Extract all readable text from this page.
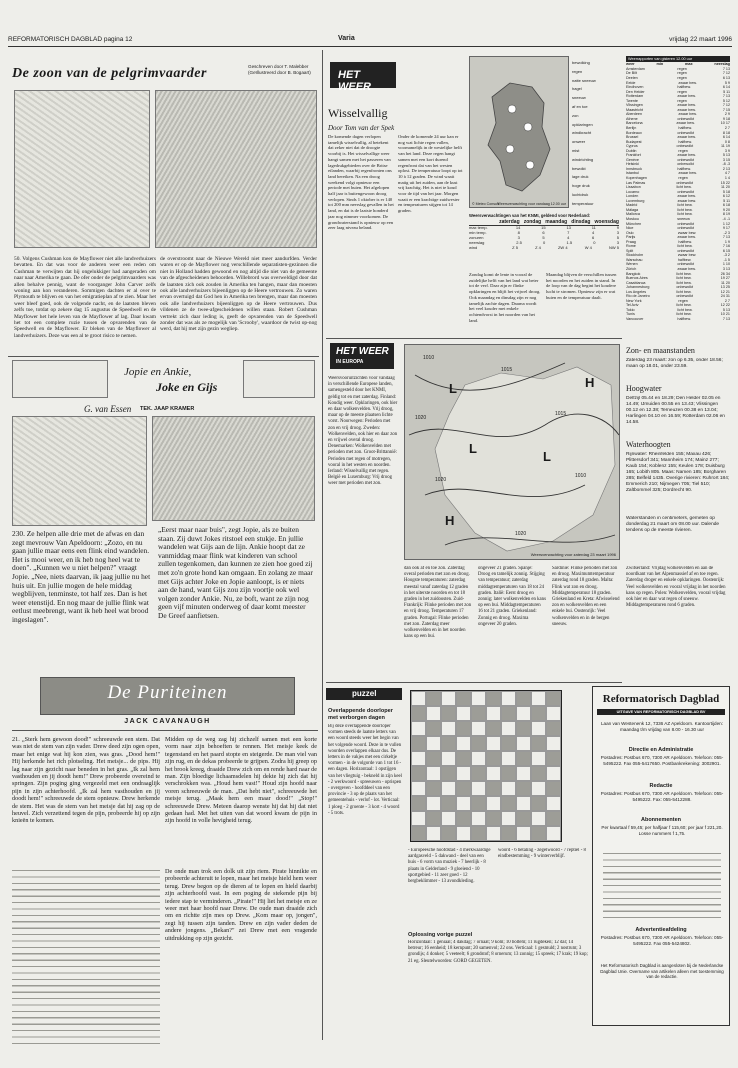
REFORMATORISCH DAGBLAD pagina 12	Varia	vrijdag 22 maart 1996
De zoon van de pelgrimvaarder	Geschreven door T. Malebber (Geïllustreerd door B. Bogaart)
50. Volgens Cushman kon de Mayflower niet alle landverhuizers bevatten. En dat was voor de anderen weer een reden om Cushman te verwijten dat hij ongelukkiger had aangeraden om naar naar Amerika te gaan. De ofer onder de pelgrimvaarders was allen behalve pennig, want de voorganger John Carver zelfs woning aan kon veranderen. Sommigen dachten er al over te Plymouth te blijven en van het emigratieplan af te zien. Maar het weer bleef goed, ook de volgende nacht, en de laatsten bleven zelfs toe, totdat op zekere dag 15 augustus de Speedwell en de Mayflower het hele leven van de Mayflower af lag. Daar kwam het tot een complete ruzie tussen de opvarenden van de Speedwell en de Mayflower. Er bleken van de Mayflower al landverhuizers. Deze was een al te groot risico te nemen.
de overstroomt naar de Nieuwe Wereld niet meer aandurfden. Verder waren er op de Mayflower nog verschillende separatisten-gezinnen die niet in Holland hadden gewoond en nog altijd die niet van de gemeente van de afgescheidenen behoorden. Willebrord was overweldigd door dat de laatsten zich ook zouden in Amerika ten hangen, maar dan moesten ook alle landverhuizers bijeenliggen op de Heere vertrouwen. Zo waren ervan overtuigd dat God hen in Amerika ten brengen, maar dan moesten ook alle landverhuizers bijeenliggen op de Heere vertrouwen. Dus vildenen ze de twee-afgescheidenen willen staan. Robert Cushman vertrekt zich daar leding is, geeft de opvarenden van de Speedwell zonder dat was als ze mogelijk van 'Scrooby', waardoor de twist op-nog werd, dat hij met zijn gezin wegliep.
Jopie en Ankie,
Joke en Gijs
G. van Essen TEK. JAAP KRAMER
230. Ze helpen alle drie met de afwas en dan zegt mevrouw Van Apeldoorn: „Zozo, en nu gaan jullie maar eens een flink eind wandelen. Het is mooi weer, en ik heb nog heel wat te doen". „Kunnen we u niet helpen?" vraagt Jopie. „Nee, niets daarvan, ik jaag jullie nu het huis uit. En jullie mogen de hele middag wegblijven, tenminste, tot half zes. Dan is het weer etenstijd. En nog maar de jullie flink wat eetlust meebrengt, want ik heb heel wat brood ingeslagen".
„Eerst maar naar buis", zegt Jopie, als ze buiten staan. Zij duwt Jokes ritstoel een stukje. En jullie wandelen wat Gijs aan de lijn. Ankie hoopt dat ze vanmiddag maar flink wat kinderen van school zullen tegenkomen, dan kunnen ze zien hoe goed zij met zo'n grote hond kan omgaan. En zolang ze maar met Gijs achter Joke en Jopie aanloopt, is er niets aan de hand, want Gijs zou zijn voortje ook wel volgen zonder Ankie. Nu, ze boft, want ze zijn nog geen vijf minuten onderweg of daar komt meester De Greef aanfietsen.
De Puriteinen
JACK CAVANAUGH
21. „Sterk hem gewoon dood!" schreeuwde een stem. Dat was niet de stem van zijn vader. Drew deed zijn ogen open, maar het enige wat hij kon zien, was gras. „Dood hem!" Hij herkende het rich plotseling. Het meisje... de pips. Hij lag naar zijn gezicht naar beneden in het gras. „Ik zal hem vasthouden en jij doodt hem!" Drew probeerde overeind te springen. Zijn poging ging vergezeld met een ondraaglijk pijn in zijn achterhoofd. „Ik zal hem vasthouden en jij doodt hem!" schreeuwde de stem opnieuw. Drew herkende de stem. Het was de stem van het meisje dat hij zag op de heuvel. Zich verzettend tegen de pijn, probeerde hij op zijn knieën te komen.
Midden op de weg zag hij zichzelf samen met een korte vorm naar zijn behoeften te rennen. Het meisje keek de tegenstand en het paard stopte en steigerde. De man viel van zijn rug, en de dekas probeerde te grijpen. Zodra hij greep op het brook kreeg, draaide Drew zich om en rende hard naar de man. Zijn bloedige lichaamsdelen hij dekte hij zich dat hij verschrokken was. „Houd hem vast!" Houd zijn hoofd naar voren schreeuwde de man. „Dat hebt niet", schreeuwde het meisje terug. „Maak hem een maar dood!" „Stop!" schreeuwde Drew. Meteen daarop wenste hij dat hij dat niet gedaan had. Met het uiten van dat woord kwam de pijn in zijn hoofd in volle hevigheid terug.
De onde man trok een dolk uit zijn riem. Pirate hinnikte en probeerde achteruit te lopen, maar het meisje hield hem weer terug. Drew begon op de dieren af te lopen en hield daarbij zijn achterhoofd vast. In een poging de stekende pijn bij iedere stap te verminderen. „Pirate!" Hij liet het meisje en ze weer met haar hoofd naar Drew. De oude man draaide zich om en richtte zijn mes op Drew. „Kom maar op, jongen", zegt hij tussen zijn tanden. Drew en zijn vader deden de andere jongens. „Bekan?" zei Drew met een vragende uitdrukking op zijn gezicht.
HET WEER
Wisselvallig
Door Tom van der Spek
De komende dagen verlopen tamelijk wisselvallig, al betekent dat zeker niet dat de droogte voorbij is. Het wisselvallige weer hangt samen met het passeren van lagedrukgebieden over de Britse eilanden, waarbij regenfronten ons land bereiken. Na een droog weekend volgt opnieuw een periode met buien. Het afgelopen half jaar is buitengewoon droog verlopen. Sinds 1 oktober is er 140 tot 200 mm neerslag gevallen in het land, en dat is de laatste honderd jaar nog nimmer voorkomen. De grondwaterstand is opnieuw op een zeer laag niveau beland.
Onder de komende 24 uur kan er nog wat lichte regen vallen, voornamelijk in de westelijke helft van het land. Deze regen hangt samen met een kort durend regenfront dat van het westen oplost. De temperatuur loopt op tot 10 à 12 graden. De wind waait matig uit het zuiden, aan de kust vrij krachtig. Het is niet te koud voor de tijd van het jaar. Morgen waait er een krachtige zuidwester en temperaturen stijgen tot 14 graden.
© Meteo Consult
Weersverwachting voor vandaag 12.00 uur
bewolking
regen
natte sneeuw
hagel
sneeuw
af en toe
zon
opklaringen
windkracht
onweer
mist
windrichting
bewolkt
lage druk
hoge druk
luchtdruk
temperatuur
Weersverwachtingen van het KNMI, geldend voor Nederland:
zaterdag zondag maandag dinsdag woensdag
max temp.	14	15	13	11	9
min temp.	8	6	7	4	3
zonuren	3	5	4	6	5
neerslag	2.5	0	1.5	0	3
wind	Z 5	Z 4	ZW 4	W 4	NW 5
Zondag komt de lente in vooral de zuidelijke helft van het land wat beter tot de verf. Daar zijn er flinke opklaringen en blijft het vrijwel droog. Ook maandag en dinsdag zijn er nog tamelijk zachte dagen. Daarna wordt het veel kouder met enkele ochtendvorst in het noorden van het land.
Maandag blijven de verschillen tussen het noorden en het zuiden in stand. In de loop van de dag begint het koudere lucht te stromen. Opnieuw zijn er wat buien en de temperatuur daalt.
HET WEER
IN EUROPA
Weersvooruitzichten voor vandaag in verschillende Europese landen, samengesteld door het KNMI, geldig tot en met zaterdag. Finland: Koudig weer. Opklaringen, ook hier en daar wolkenvelden. Vrij droog, maar op de meeste plaatsen lichte vorst. Noorwegen: Perioden met zon en vrij droog. Zweden: Wolkenvelden, ook hier en daar zon en vrijwel overal droog. Denemarken: Wolkenvelden met perioden met zon. Groot-Brittannië: Perioden met regen of motregen, vooral in het westen en noorden. Ierland: Wisselvallig met regen. België en Luxemburg: Vrij droog weer met perioden met zon.
1010
1015
1020
1015
1020
1010
1020
L	H
L
L
H
Weersverwachting voor zaterdag 23 maart 1996
dan ook af en toe zon. Zaterdag overal perioden met zon en droog. Hoogste temperaturen: zaterdag meestal vanaf zaterdag 12 graden in het uiterste noorden en tot 18 graden in het zuidoosten. Zuid-Frankrijk: Flinke perioden met zon en vrij droog. Temperaturen 17 graden. Portugal: Flinke perioden met zon. Zaterdag meer wolkenvelden en in het noorden kans op een bui.
ongeveer 21 graden. Spanje: Droog en tamelijk zonnig. Stijging van temperatuur; zaterdag middagtemperaturen van 18 tot 24 graden. Italië: Eerst droog en zonnig; later wolkenvelden en kans op een bui. Middagtemperaturen 16 tot 21 graden. Griekenland: Zonnig en droog. Maxima ongeveer 20 graden.
Sardinië: Flinke perioden met zon en droog. Maximumtemperatuur zaterdag rond 18 graden. Malta: Flink wat zon en droog. Middagtemperatuur 18 graden. Griekenland en Kreta: Afwisselend zon en wolkenvelden en een enkele bui. Oostenrijk: Veel wolkenvelden en in de bergen sneeuw.
Zwitserland: Vrijdag wolkenvelden en aan de noordkant van het Alpenmassief af en toe regen. Zaterdag droger en enkele opklaringen. Oostenrijk: Veel wolkenvelden en vooral vrijdag in het noorden kans op regen. Polen: Wolkenvelden, vooral vrijdag ook hier en daar wat regen of sneeuw. Middagtemperaturen rond 6 graden.
puzzel
Overlappende doorloper met verborgen dagen
Bij deze overlappende doorloper vormen steeds de laatste letters van een woord steeds weer het begin van het volgende woord. Deze in te vullen woorden overlappen elkaar dus. De letters in de vakjes met een cirkeltje vormen - in de volgorde van 1 tot 16 - een dagen. Horizontaal: 1 opstijgen van het vliegtuig - bekneld in zijn keel - 2 werkwoord - spreeuwen - oprispen - overgeven - hoofddeel van een provincie - 3 op de plaats van het gemeentehuis - verlof - lot. Verticaal: 1 ploeg - 2 groente - 3 kort - 4 woord - 5 trots.
- Europeesche hoofdstad - 4 merkwaardige aardgasveld - 5 dakwand - deel van een huis - 6 vorm van muziek - 7 heerlijk - 8 plaats in Gelderland - 9 gloeiend - 10 sportgebied - 11 zeer goed - 12 bergbeklimmer - 13 avondkleding.
woord - 6 betaling - zegelwoord - 7 reptiel - 8 eindbestemming - 9 winterverblijf.
Oplossing vorige puzzel
Horizontaal: 1 geniaal; 4 dakdag; 7 ornaat; 9 kom; 10 boltem; 11 rugdeken; 12 dal; 14 betreur; 16 eenheid; 18 kernpunt; 20 samenvol; 22 ons. Verticaal: 1 gesmuld; 2 nostrum; 3 grondijs; 4 donker; 5 veeteelt; 6 grondstof; 8 ornerum; 13 zonnig; 15 spreek; 17 krak; 19 kop; 21 eg. Sleutelwoorden: GORD GEGETEN.
Weerrapporten van gisteren 12.00 uur
weer	min	max	neerslag
Amsterdam	regen	7 13
De Bilt	regen	7 12
Deelen	regen	6 13
Eelde	zwaar bew.	5 9
Eindhoven	halfbew.	6 14
Den Helder	regen	5 11
Rotterdam	zwaar bew.	7 13
Twente	regen	5 12
Vlissingen	zwaar bew.	7 12
Maastricht	zwaar bew.	7 15
Aberdeen	zwaar bew.	2 9
Athene	onbewolkt	9 18
Barcelona	zwaar bew.	10 17
Berlijn	halfbew.	2 7
Bordeaux	onbewolkt	8 18
Brussel	zwaar bew.	6 14
Budapest	halfbew.	0 8
Cyprus	onbewolkt	11 19
Dublin	regen	3 9
Frankfort	zwaar bew.	5 13
Genève	onbewolkt	3 15
Helsinki	onbewolkt	-8 -3
Innsbruck	halfbew.	2 13
Istanbul	zwaar bew.	4 7
Kopenhagen	regen	1 4
Las Palmas	onbewolkt	15 22
Lissabon	licht bew.	11 20
Locarno	onbewolkt	5 18
Londen	zwaar bew.	6 12
Luxemburg	zwaar bew.	5 11
Madrid	licht bew.	6 18
Málaga	licht bew.	9 20
Mallorca	licht bew.	8 19
Moskou	sneeuw	-4 -1
München	onbewolkt	1 12
Nice	onbewolkt	9 17
Oslo	zwaar bew.	-2 3
Parijs	zwaar bew.	7 13
Praag	halfbew.	1 9
Rome	licht bew.	7 16
Split	onbewolkt	6 15
Stockholm	zwaar bew.	-3 2
Warschau	halfbew.	-1 5
Wenen	onbewolkt	1 10
Zürich	zwaar bew.	3 13
Bangkok	licht bew.	26 34
Buenos Aires	licht bew.	19 27
Casablanca	licht bew.	11 20
Johannesburg	onbewolkt	13 25
Los Angeles	licht bew.	12 21
Rio de Janeiro	onbewolkt	24 31
New York	regen	2 7
Tel Aviv	licht bew.	12 22
Tokio	licht bew.	5 13
Tunis	licht bew.	10 21
Vancouver	halfbew.	7 13
Zon- en maanstanden
Zaterdag 23 maart: zon op 6.35, onder 18.56; maan op 18.01, onder 23.59.
Hoogwater
Delfzijl 05.44 en 18.29; Den Helder 02.05 en 14.49; IJmuiden 00.55 en 13.43; Vlissingen 00.12 en 12.38; Terneuzen 00.38 en 13.04; Harlingen 04.10 en 16.59; Rotterdam 02.06 en 14.58.
Waterhoogten
Rijnwater: Rheinfelden 155; Maxau 426; Plittersdorf 341; Mannheim 174; Mainz 277; Kaub 154; Koblenz 155; Keulen 178; Duisburg 165; Lobith 805. Maas: Namen 185; Borgharen 285; Belfeld 1435. Overige rivieren: Ruhrort 184; Emmerich 210; Nijmegen 705; Tiel 510; Zaltbommel 325; Dordrecht 90.
Waterstanden in centimeters, gemeten op donderdag 21 maart om 08.00 uur. Dalende tendens op de meeste rivieren.
Reformatorisch Dagblad
UITGAVE VAN REFORMATORISCH DAGBLAD BV
Laan van Westenenk 12, 7336 AZ Apeldoorn. Kantoortijden: maandag t/m vrijdag van 8.00 - 16.30 uur
Directie en Administratie
Postadres: Postbus 670, 7300 AR Apeldoorn. Telefoon: 055-5495222. Fax 055-5417650. Postbankrekening: 3002901.
Redactie
Postadres: Postbus 670, 7300 AR Apeldoorn. Telefoon: 055-5495222. Fax: 055-5412288.
Abonnementen
Per kwartaal f 59,45; per halfjaar f 115,60; per jaar f 221,20. Losse nummers f 1,75.
Advertentieafdeling
Postadres: Postbus 670, 7300 AR Apeldoorn. Telefoon: 055-5495222. Fax 055-5424802.
Het Reformatorisch Dagblad is aangesloten bij de Nederlandse Dagblad Unie. Overname van artikelen alleen met toestemming van de redactie.
